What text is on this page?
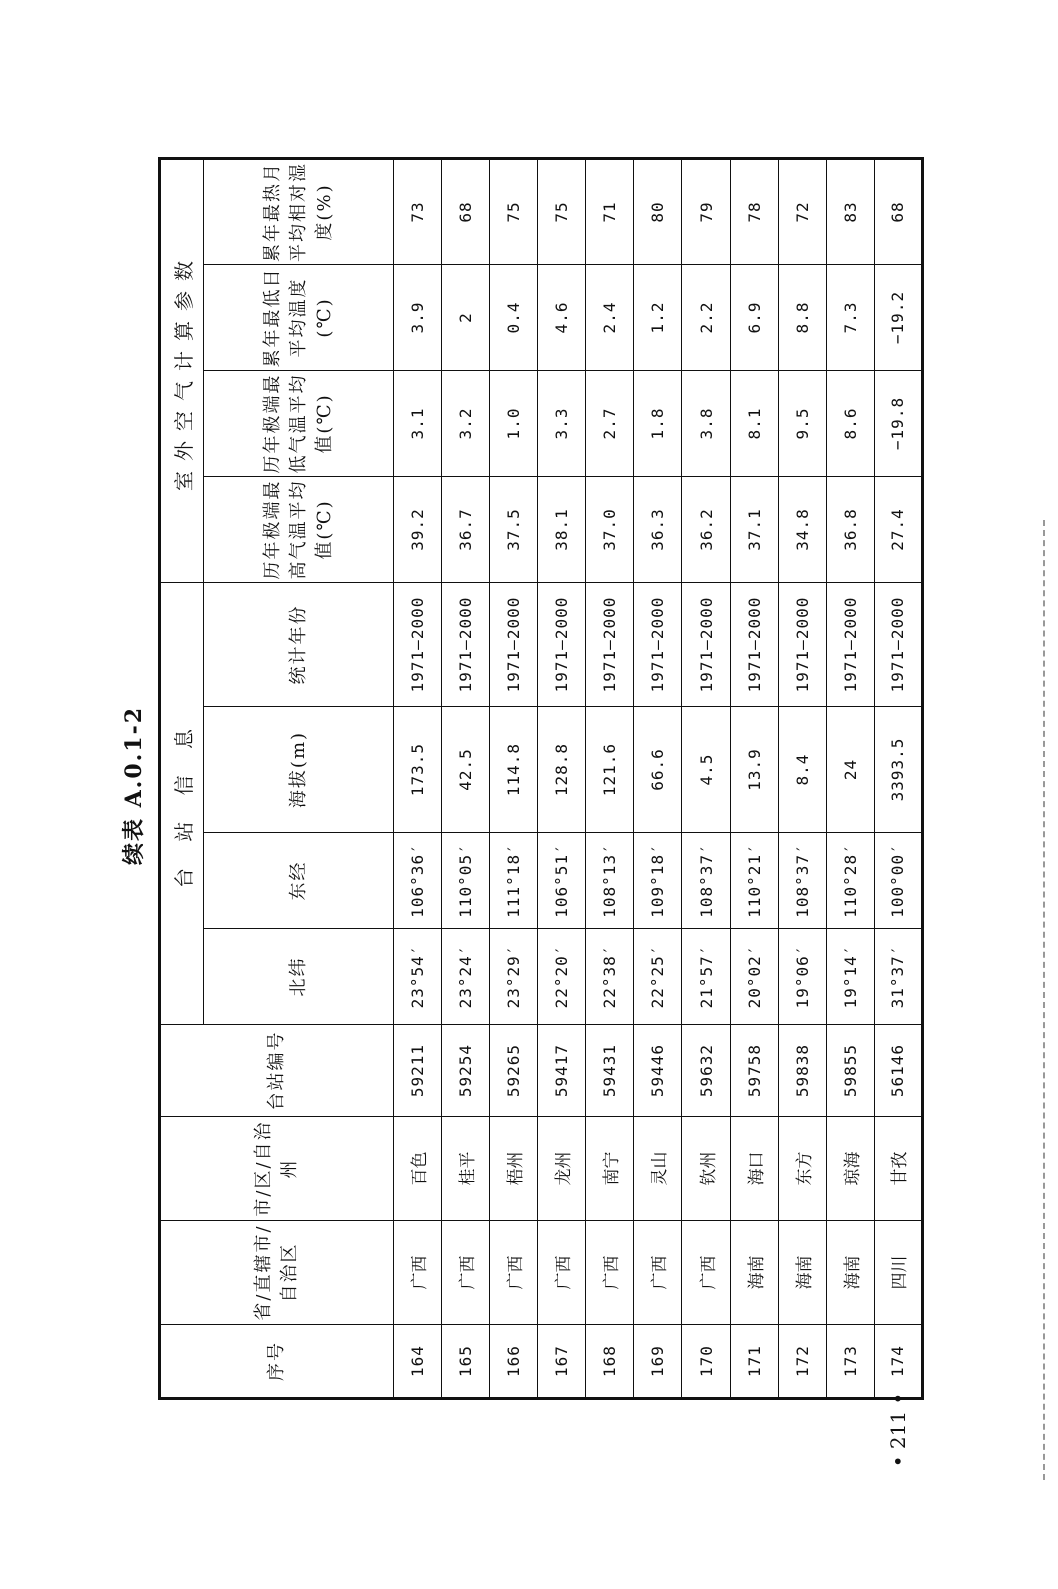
续表 A.0.1-2
序号	省/直辖市/自治区	市/区/自治州	台站编号	台 站 信 息				室外空气计算参数			
				北纬	东经	海拔(m)	统计年份	历年极端最高气温平均值(℃)	历年极端最低气温平均值(℃)	累年最低日平均温度(℃)	累年最热月平均相对湿度(%)
164	广西	百色	59211	23°54′	106°36′	173.5	1971—2000	39.2	3.1	3.9	73
165	广西	桂平	59254	23°24′	110°05′	42.5	1971—2000	36.7	3.2	2	68
166	广西	梧州	59265	23°29′	111°18′	114.8	1971—2000	37.5	1.0	0.4	75
167	广西	龙州	59417	22°20′	106°51′	128.8	1971—2000	38.1	3.3	4.6	75
168	广西	南宁	59431	22°38′	108°13′	121.6	1971—2000	37.0	2.7	2.4	71
169	广西	灵山	59446	22°25′	109°18′	66.6	1971—2000	36.3	1.8	1.2	80
170	广西	钦州	59632	21°57′	108°37′	4.5	1971—2000	36.2	3.8	2.2	79
171	海南	海口	59758	20°02′	110°21′	13.9	1971—2000	37.1	8.1	6.9	78
172	海南	东方	59838	19°06′	108°37′	8.4	1971—2000	34.8	9.5	8.8	72
173	海南	琼海	59855	19°14′	110°28′	24	1971—2000	36.8	8.6	7.3	83
174	四川	甘孜	56146	31°37′	100°00′	3393.5	1971—2000	27.4	−19.8	−19.2	68
• 211 •
